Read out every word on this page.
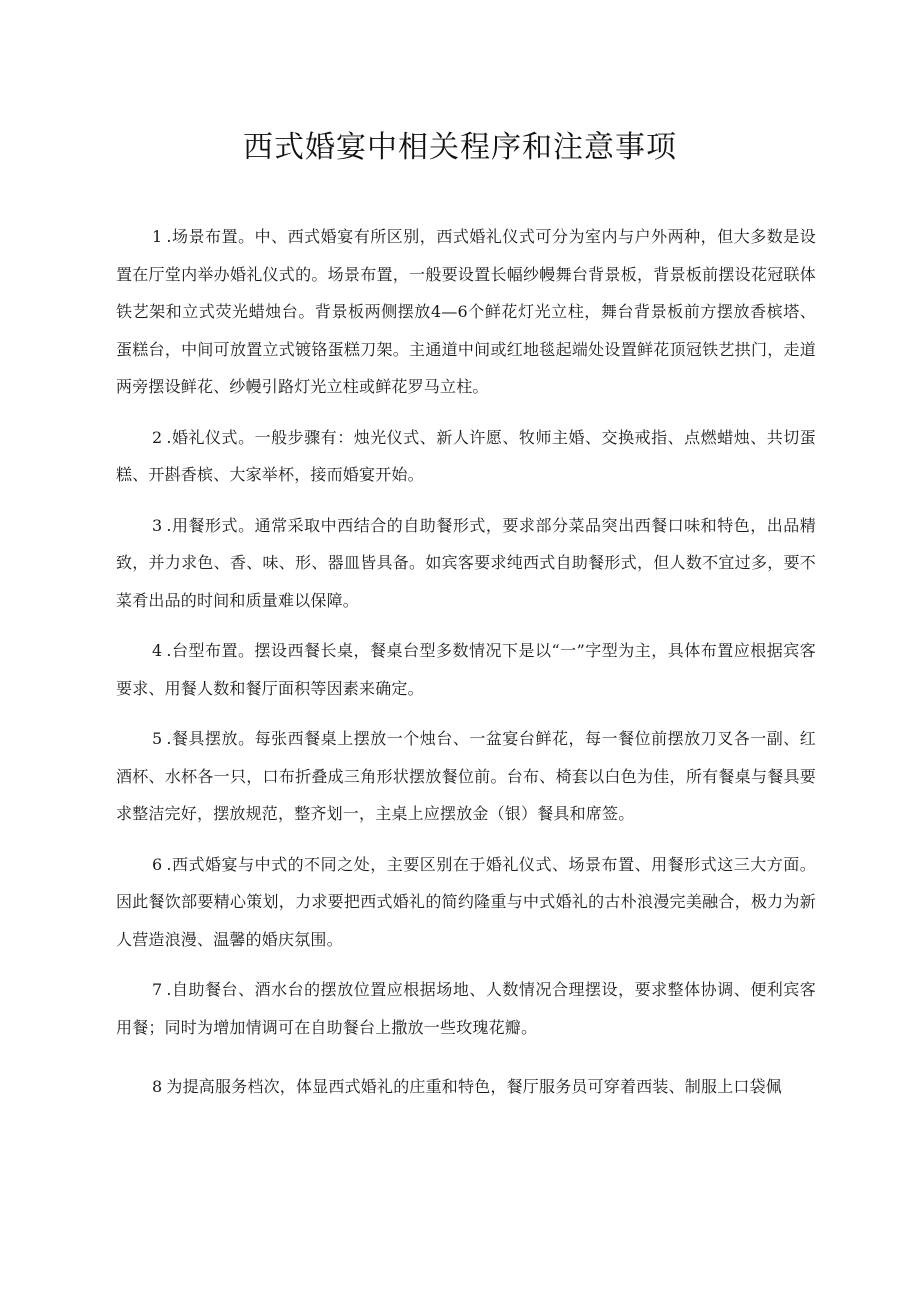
西式婚宴中相关程序和注意事项

1 .场景布置。中、西式婚宴有所区别，西式婚礼仪式可分为室内与户外两种，但大多数是设置在厅堂内举办婚礼仪式的。场景布置，一般要设置长幅纱幔舞台背景板，背景板前摆设花冠联体铁艺架和立式荧光蜡烛台。背景板两侧摆放4—6个鲜花灯光立柱，舞台背景板前方摆放香槟塔、蛋糕台，中间可放置立式镀铬蛋糕刀架。主通道中间或红地毯起端处设置鲜花顶冠铁艺拱门，走道两旁摆设鲜花、纱幔引路灯光立柱或鲜花罗马立柱。

2 .婚礼仪式。一般步骤有：烛光仪式、新人许愿、牧师主婚、交换戒指、点燃蜡烛、共切蛋糕、开斟香槟、大家举杯，接而婚宴开始。

3 .用餐形式。通常采取中西结合的自助餐形式，要求部分菜品突出西餐口味和特色，出品精致，并力求色、香、味、形、器皿皆具备。如宾客要求纯西式自助餐形式，但人数不宜过多，要不菜肴出品的时间和质量难以保障。

4 .台型布置。摆设西餐长桌，餐桌台型多数情况下是以“一”字型为主，具体布置应根据宾客要求、用餐人数和餐厅面积等因素来确定。

5 .餐具摆放。每张西餐桌上摆放一个烛台、一盆宴台鲜花，每一餐位前摆放刀叉各一副、红酒杯、水杯各一只，口布折叠成三角形状摆放餐位前。台布、椅套以白色为佳，所有餐桌与餐具要求整洁完好，摆放规范，整齐划一，主桌上应摆放金（银）餐具和席签。

6 .西式婚宴与中式的不同之处，主要区别在于婚礼仪式、场景布置、用餐形式这三大方面。因此餐饮部要精心策划，力求要把西式婚礼的简约隆重与中式婚礼的古朴浪漫完美融合，极力为新人营造浪漫、温馨的婚庆氛围。

7 .自助餐台、酒水台的摆放位置应根据场地、人数情况合理摆设，要求整体协调、便利宾客用餐；同时为增加情调可在自助餐台上撒放一些玫瑰花瓣。

8 为提高服务档次，体显西式婚礼的庄重和特色，餐厅服务员可穿着西装、制服上口袋佩
